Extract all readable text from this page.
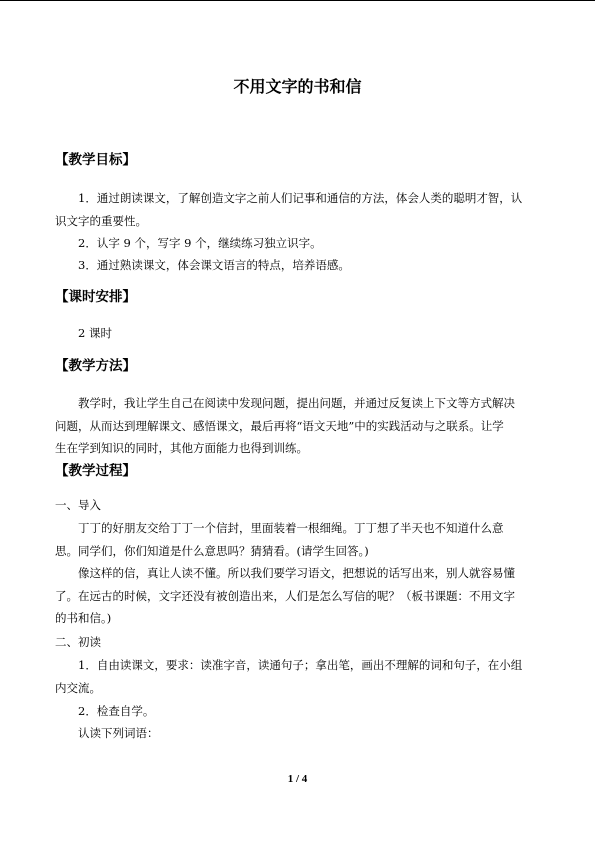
不用文字的书和信
【教学目标】
1．通过朗读课文，了解创造文字之前人们记事和通信的方法，体会人类的聪明才智，认
识文字的重要性。
2．认字 9 个，写字 9 个，继续练习独立识字。
3．通过熟读课文，体会课文语言的特点，培养语感。
【课时安排】
2 课时
【教学方法】
教学时，我让学生自己在阅读中发现问题，提出问题，并通过反复读上下文等方式解决
问题，从而达到理解课文、感悟课文，最后再将“语文天地”中的实践活动与之联系。让学
生在学到知识的同时，其他方面能力也得到训练。
【教学过程】
一、导入
丁丁的好朋友交给丁丁一个信封，里面装着一根细绳。丁丁想了半天也不知道什么意
思。同学们，你们知道是什么意思吗？猜猜看。(请学生回答。)
像这样的信，真让人读不懂。所以我们要学习语文，把想说的话写出来，别人就容易懂
了。在远古的时候，文字还没有被创造出来，人们是怎么写信的呢？（板书课题：不用文字
的书和信。)
二、初读
1．自由读课文，要求：读准字音，读通句子；拿出笔，画出不理解的词和句子，在小组
内交流。
2．检查自学。
认读下列词语：
1 / 4
